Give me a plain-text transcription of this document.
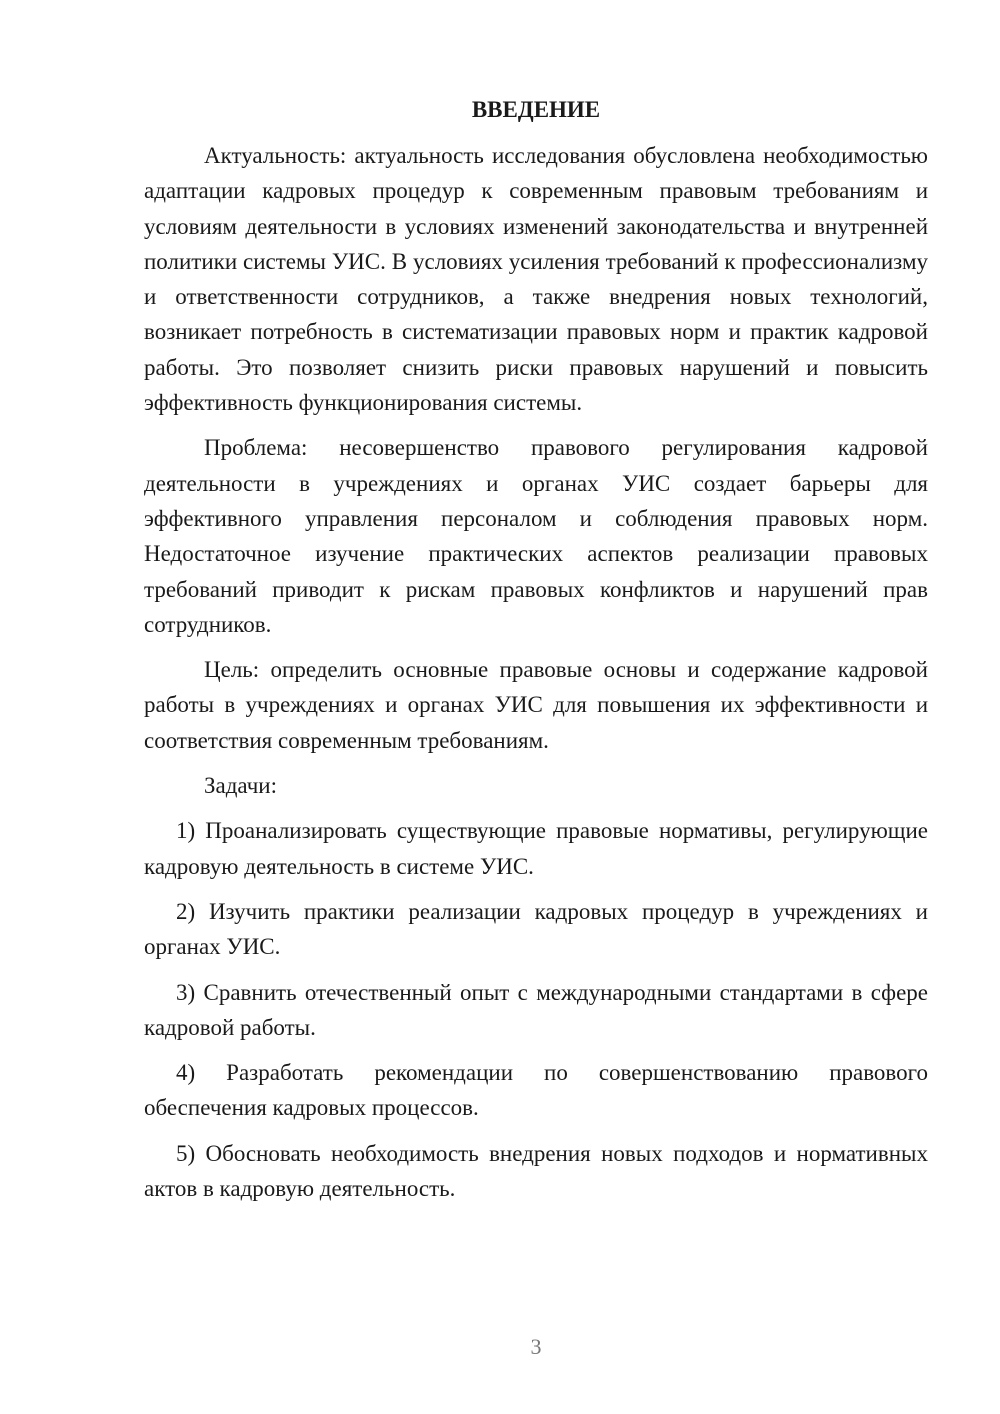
ВВЕДЕНИЕ

Актуальность: актуальность исследования обусловлена необходимостью адаптации кадровых процедур к современным правовым требованиям и условиям деятельности в условиях изменений законодательства и внутренней политики системы УИС. В условиях усиления требований к профессионализму и ответственности сотрудников, а также внедрения новых технологий, возникает потребность в систематизации правовых норм и практик кадровой работы. Это позволяет снизить риски правовых нарушений и повысить эффективность функционирования системы.

Проблема: несовершенство правового регулирования кадровой деятельности в учреждениях и органах УИС создает барьеры для эффективного управления персоналом и соблюдения правовых норм. Недостаточное изучение практических аспектов реализации правовых требований приводит к рискам правовых конфликтов и нарушений прав сотрудников.

Цель: определить основные правовые основы и содержание кадровой работы в учреждениях и органах УИС для повышения их эффективности и соответствия современным требованиям.

Задачи:

1) Проанализировать существующие правовые нормативы, регулирующие кадровую деятельность в системе УИС.

2) Изучить практики реализации кадровых процедур в учреждениях и органах УИС.

3) Сравнить отечественный опыт с международными стандартами в сфере кадровой работы.

4) Разработать рекомендации по совершенствованию правового обеспечения кадровых процессов.

5) Обосновать необходимость внедрения новых подходов и нормативных актов в кадровую деятельность.

3
